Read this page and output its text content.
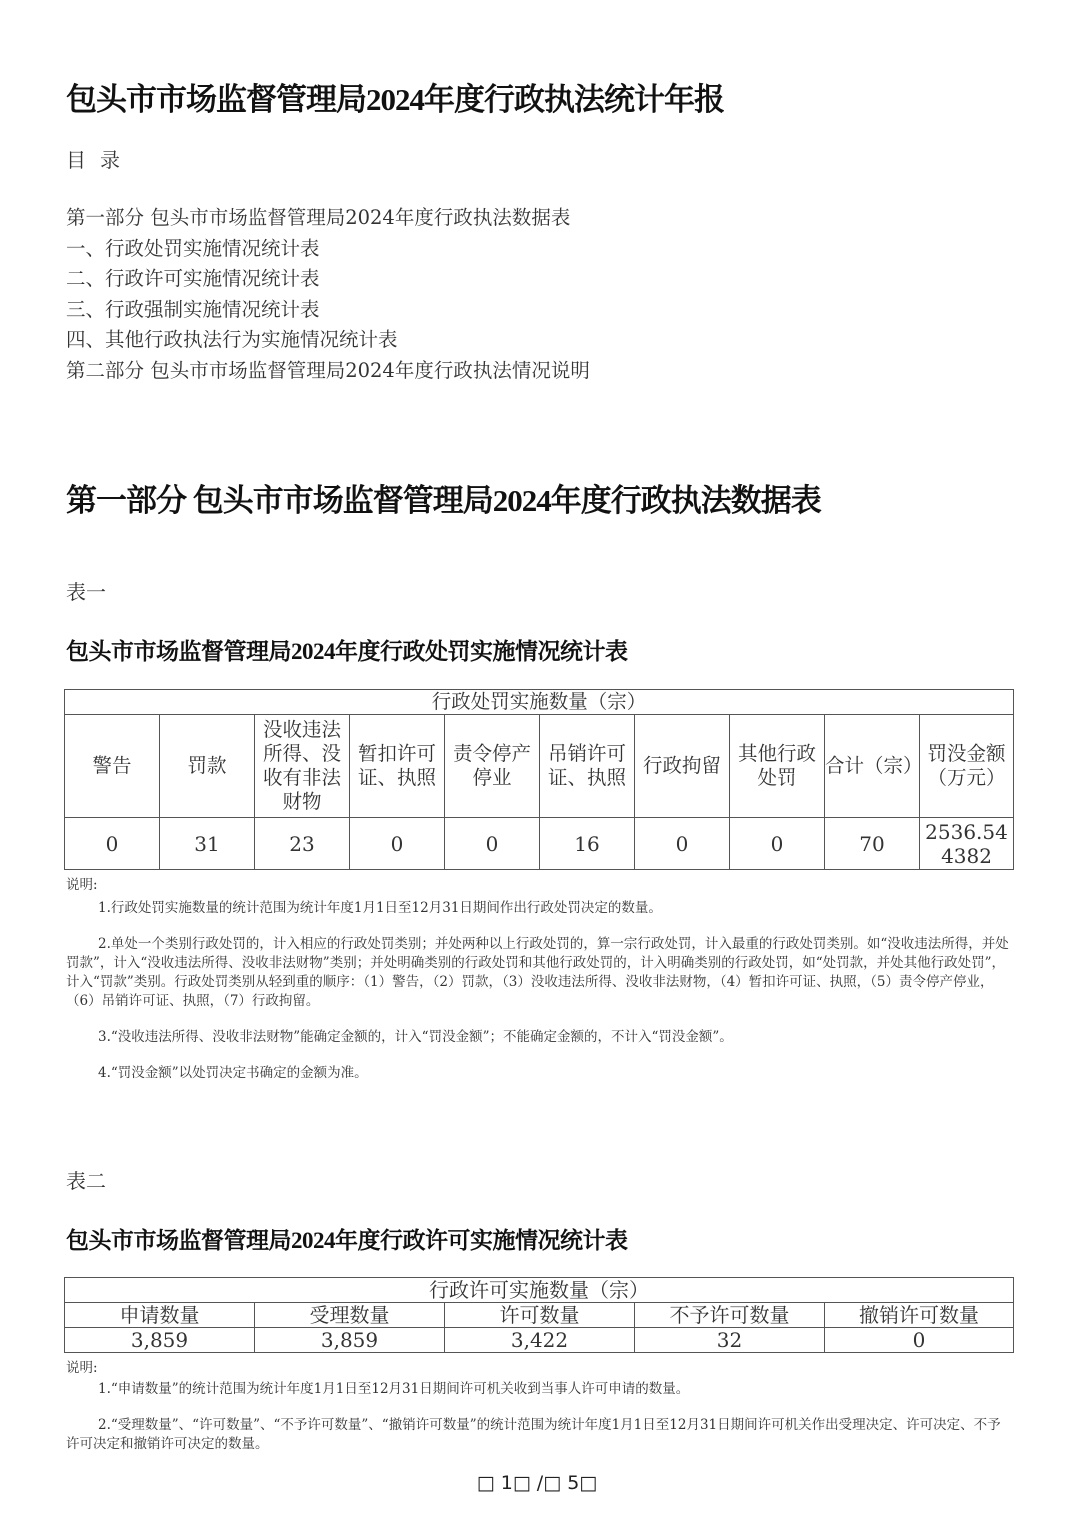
包头市市场监督管理局2024年度行政执法统计年报
目录
第一部分 包头市市场监督管理局2024年度行政执法数据表
一、行政处罚实施情况统计表
二、行政许可实施情况统计表
三、行政强制实施情况统计表
四、其他行政执法行为实施情况统计表
第二部分 包头市市场监督管理局2024年度行政执法情况说明
第一部分 包头市市场监督管理局2024年度行政执法数据表
表一
包头市市场监督管理局2024年度行政处罚实施情况统计表
行政处罚实施数量（宗）									
警告	罚款	没收违法所得、没收有非法财物	暂扣许可证、执照	责令停产停业	吊销许可证、执照	行政拘留	其他行政处罚	合计（宗）	罚没金额（万元）
0	31	23	0	0	16	0	0	70	2536.544382

说明:

1.行政处罚实施数量的统计范围为统计年度1月1日至12月31日期间作出行政处罚决定的数量。

2.单处一个类别行政处罚的，计入相应的行政处罚类别；并处两种以上行政处罚的，算一宗行政处罚，计入最重的行政处罚类别。如“没收违法所得，并处罚款”，计入“没收违法所得、没收非法财物”类别；并处明确类别的行政处罚和其他行政处罚的，计入明确类别的行政处罚，如“处罚款，并处其他行政处罚”，计入“罚款”类别。行政处罚类别从轻到重的顺序：（1）警告，（2）罚款，（3）没收违法所得、没收非法财物，（4）暂扣许可证、执照，（5）责令停产停业，（6）吊销许可证、执照，（7）行政拘留。

3.“没收违法所得、没收非法财物”能确定金额的，计入“罚没金额”；不能确定金额的，不计入“罚没金额”。

4.“罚没金额”以处罚决定书确定的金额为准。

表二
包头市市场监督管理局2024年度行政许可实施情况统计表
行政许可实施数量（宗）				
申请数量	受理数量	许可数量	不予许可数量	撤销许可数量
3,859	3,859	3,422	32	0

说明:

1.“申请数量”的统计范围为统计年度1月1日至12月31日期间许可机关收到当事人许可申请的数量。

2.“受理数量”、“许可数量”、“不予许可数量”、“撤销许可数量”的统计范围为统计年度1月1日至12月31日期间许可机关作出受理决定、许可决定、不予许可决定和撤销许可决定的数量。

□ 1□ /□ 5□
